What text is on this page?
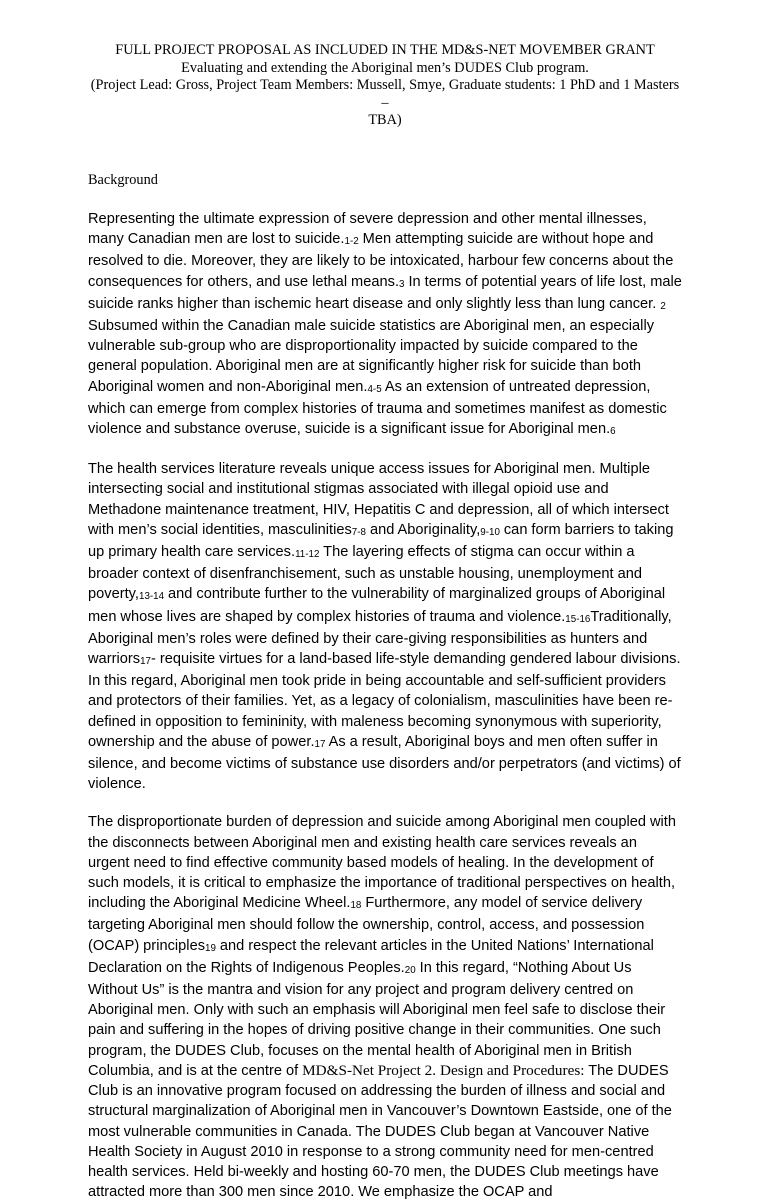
FULL PROJECT PROPOSAL AS INCLUDED IN THE MD&S-NET MOVEMBER GRANT
Evaluating and extending the Aboriginal men’s DUDES Club program.
(Project Lead: Gross, Project Team Members: Mussell, Smye, Graduate students: 1 PhD and 1 Masters –
TBA)

Background

Representing the ultimate expression of severe depression and other mental illnesses, many Canadian men are lost to suicide.1-2 Men attempting suicide are without hope and resolved to die. Moreover, they are likely to be intoxicated, harbour few concerns about the consequences for others, and use lethal means.3 In terms of potential years of life lost, male suicide ranks higher than ischemic heart disease and only slightly less than lung cancer. 2 Subsumed within the Canadian male suicide statistics are Aboriginal men, an especially vulnerable sub-group who are disproportionality impacted by suicide compared to the general population. Aboriginal men are at significantly higher risk for suicide than both Aboriginal women and non-Aboriginal men.4-5 As an extension of untreated depression, which can emerge from complex histories of trauma and sometimes manifest as domestic violence and substance overuse, suicide is a significant issue for Aboriginal men.6

The health services literature reveals unique access issues for Aboriginal men. Multiple intersecting social and institutional stigmas associated with illegal opioid use and Methadone maintenance treatment, HIV, Hepatitis C and depression, all of which intersect with men’s social identities, masculinities7-8 and Aboriginality,9-10 can form barriers to taking up primary health care services.11-12 The layering effects of stigma can occur within a broader context of disenfranchisement, such as unstable housing, unemployment and poverty,13-14 and contribute further to the vulnerability of marginalized groups of Aboriginal men whose lives are shaped by complex histories of trauma and violence.15-16Traditionally, Aboriginal men’s roles were defined by their care-giving responsibilities as hunters and warriors17- requisite virtues for a land-based life-style demanding gendered labour divisions. In this regard, Aboriginal men took pride in being accountable and self-sufficient providers and protectors of their families. Yet, as a legacy of colonialism, masculinities have been re-defined in opposition to femininity, with maleness becoming synonymous with superiority, ownership and the abuse of power.17 As a result, Aboriginal boys and men often suffer in silence, and become victims of substance use disorders and/or perpetrators (and victims) of violence.

The disproportionate burden of depression and suicide among Aboriginal men coupled with the disconnects between Aboriginal men and existing health care services reveals an urgent need to find effective community based models of healing. In the development of such models, it is critical to emphasize the importance of traditional perspectives on health, including the Aboriginal Medicine Wheel.18 Furthermore, any model of service delivery targeting Aboriginal men should follow the ownership, control, access, and possession (OCAP) principles19 and respect the relevant articles in the United Nations’ International Declaration on the Rights of Indigenous Peoples.20 In this regard, “Nothing About Us Without Us” is the mantra and vision for any project and program delivery centred on Aboriginal men. Only with such an emphasis will Aboriginal men feel safe to disclose their pain and suffering in the hopes of driving positive change in their communities. One such program, the DUDES Club, focuses on the mental health of Aboriginal men in British Columbia, and is at the centre of MD&S-Net Project 2. Design and Procedures: The DUDES Club is an innovative program focused on addressing the burden of illness and social and structural marginalization of Aboriginal men in Vancouver’s Downtown Eastside, one of the most vulnerable communities in Canada. The DUDES Club began at Vancouver Native Health Society in August 2010 in response to a strong community need for men-centred health services. Held bi-weekly and hosting 60-70 men, the DUDES Club meetings have attracted more than 300 men since 2010. We emphasize the OCAP and
